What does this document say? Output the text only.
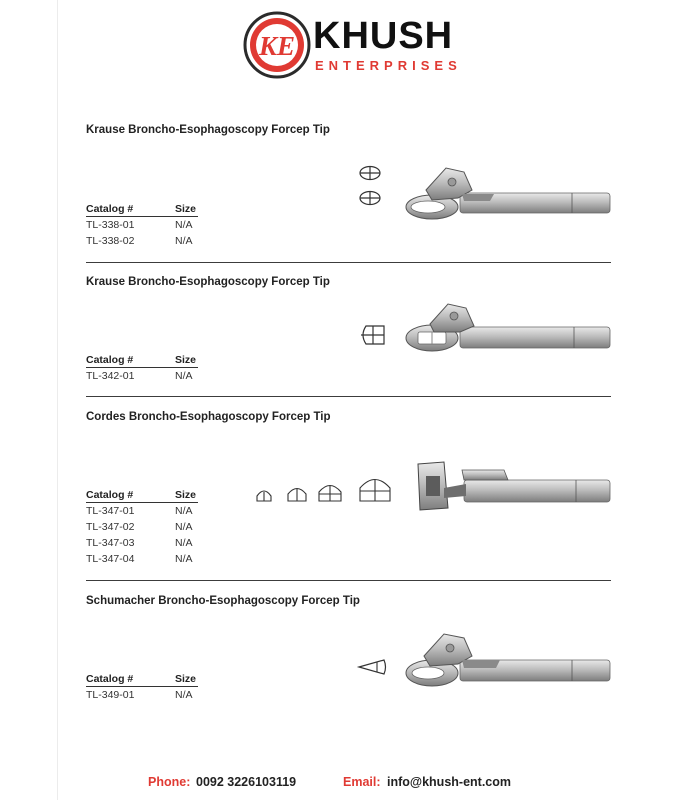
KE KHUSH
ENTERPRISES
Krause Broncho-Esophagoscopy Forcep Tip
Catalog #	Size
TL-338-01	N/A
TL-338-02	N/A
Krause Broncho-Esophagoscopy Forcep Tip
Catalog #	Size
TL-342-01	N/A
Cordes Broncho-Esophagoscopy Forcep Tip
Catalog #	Size
TL-347-01	N/A
TL-347-02	N/A
TL-347-03	N/A
TL-347-04	N/A
Schumacher Broncho-Esophagoscopy Forcep Tip
Catalog #	Size
TL-349-01	N/A
Phone: 0092 3226103119	Email: info@khush-ent.com
